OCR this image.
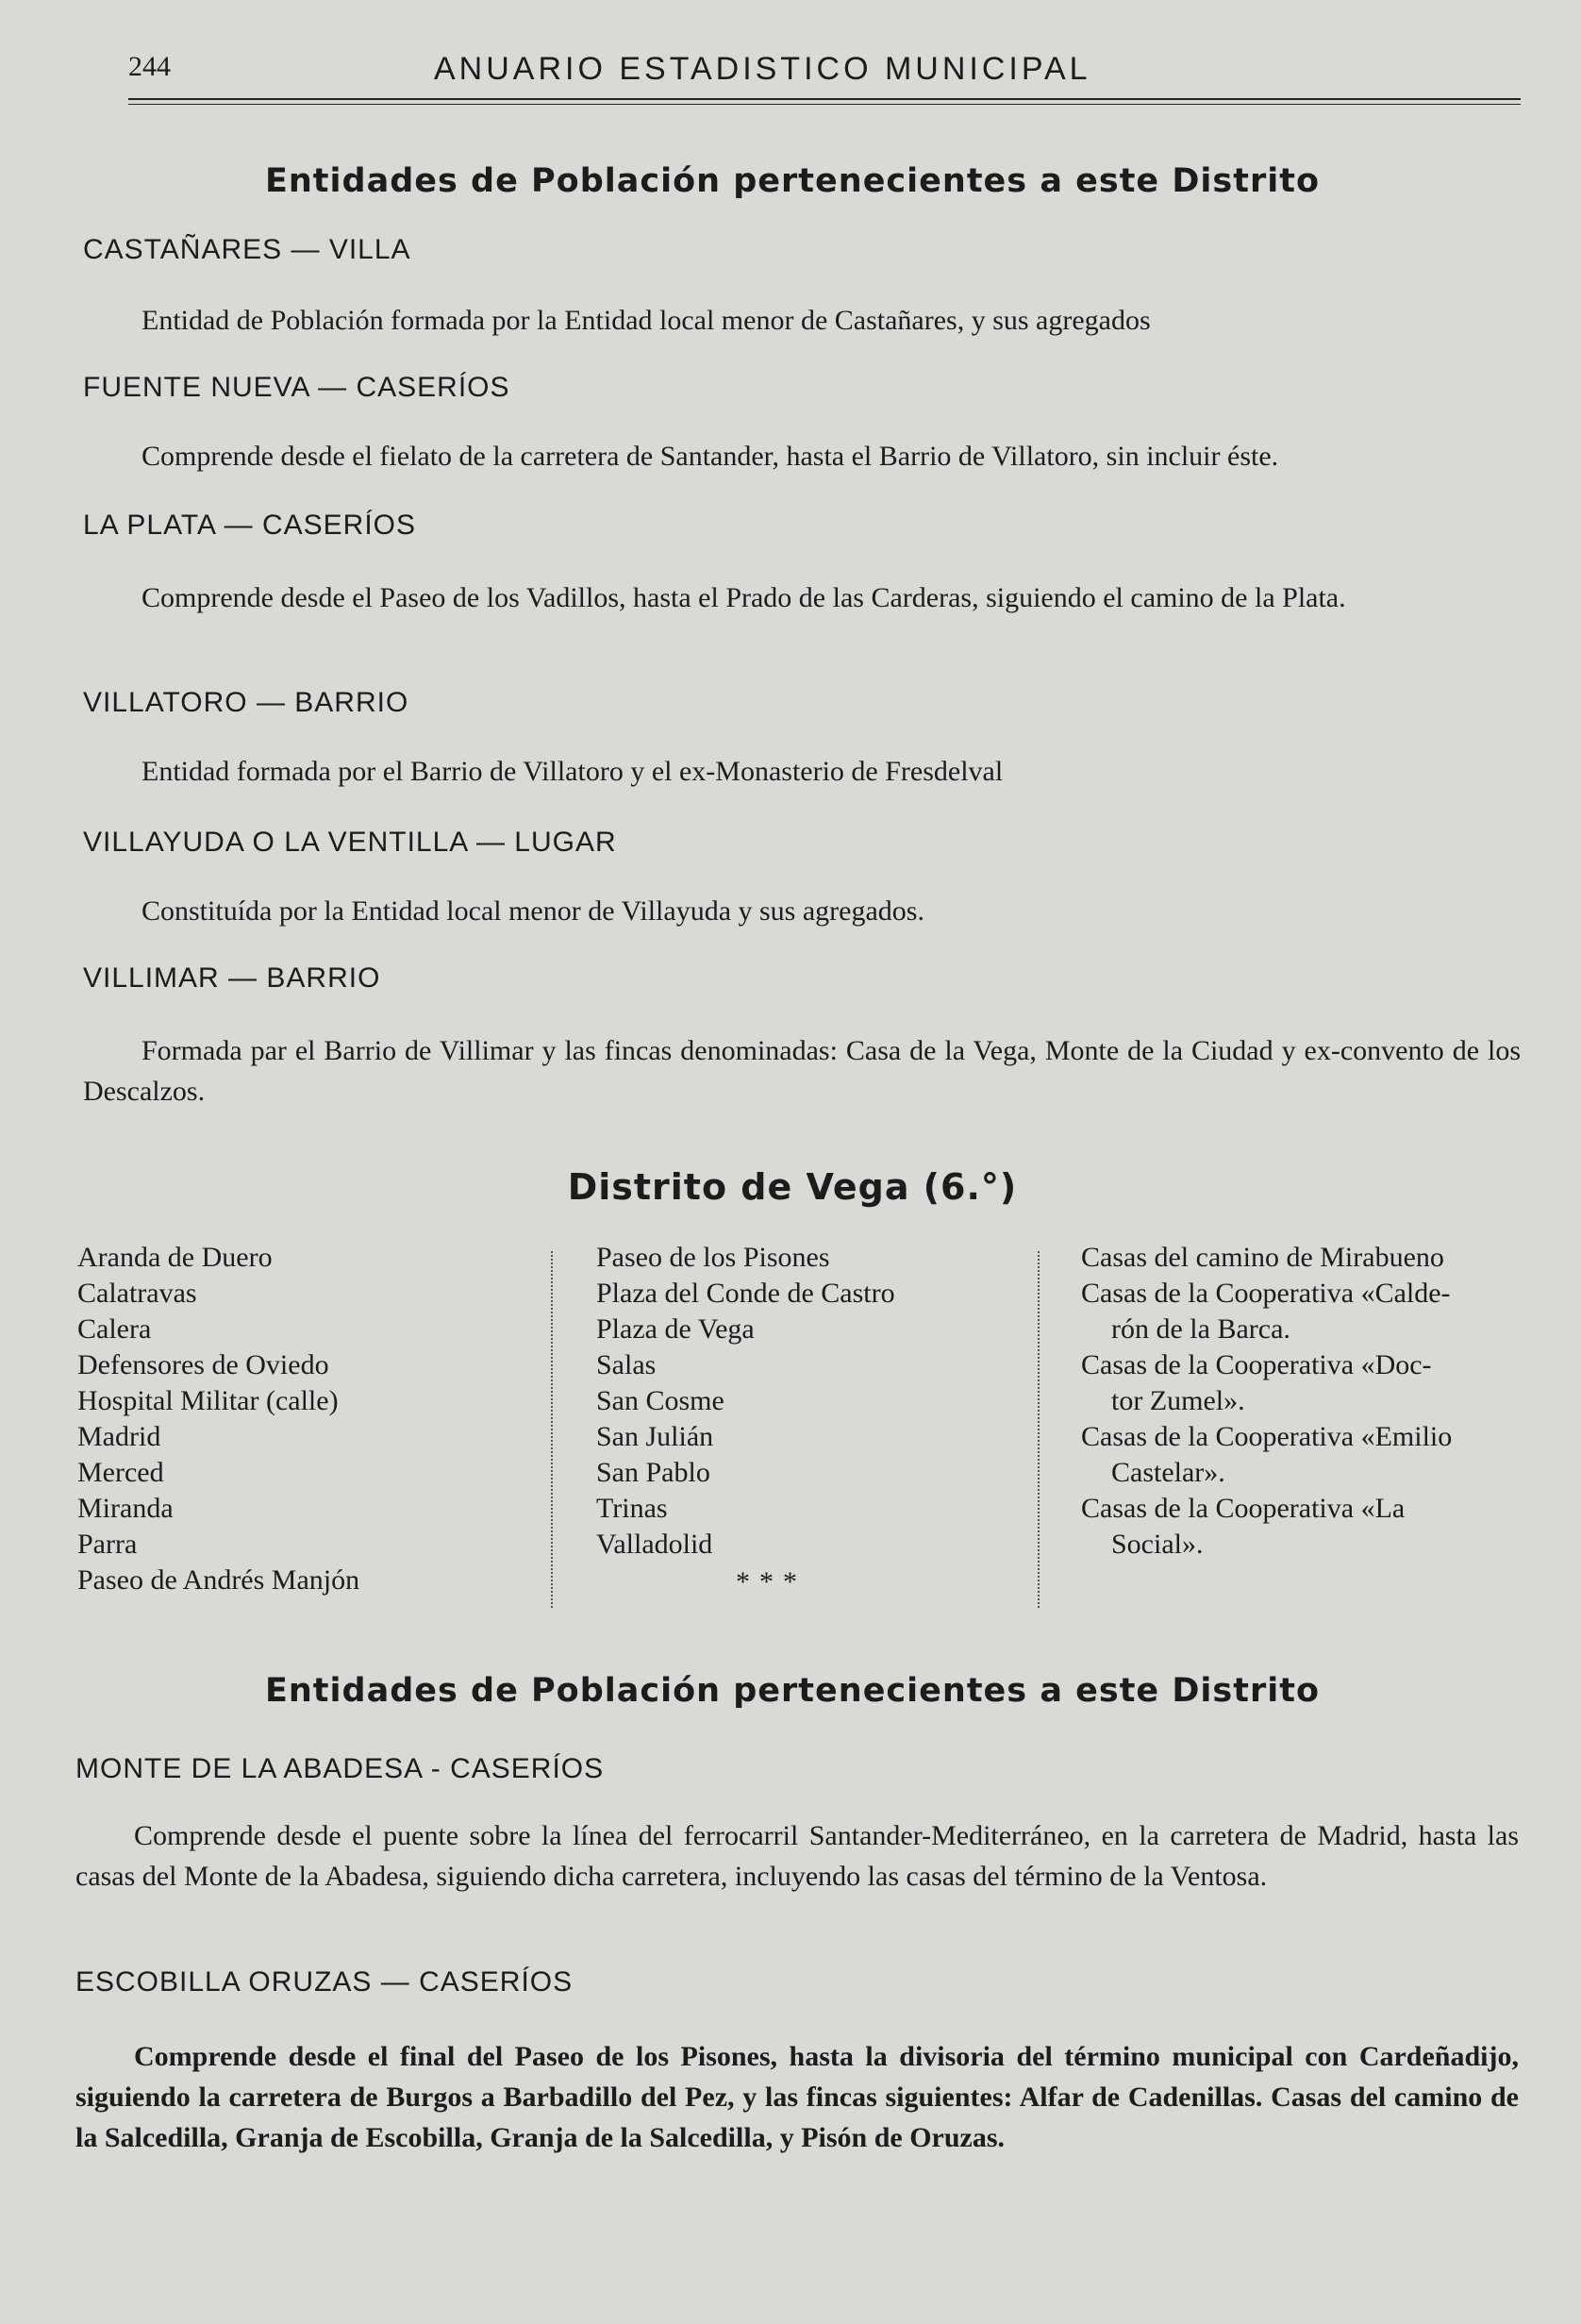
244	ANUARIO ESTADISTICO MUNICIPAL
Entidades de Población pertenecientes a este Distrito
CASTAÑARES — VILLA
Entidad de Población formada por la Entidad local menor de Castañares, y sus agregados
FUENTE NUEVA — CASERÍOS
Comprende desde el fielato de la carretera de Santander, hasta el Barrio de Villatoro, sin incluir éste.
LA PLATA — CASERÍOS
Comprende desde el Paseo de los Vadillos, hasta el Prado de las Carderas, siguiendo el camino de la Plata.
VILLATORO — BARRIO
Entidad formada por el Barrio de Villatoro y el ex-Monasterio de Fresdelval
VILLAYUDA O LA VENTILLA — LUGAR
Constituída por la Entidad local menor de Villayuda y sus agregados.
VILLIMAR — BARRIO
Formada par el Barrio de Villimar y las fincas denominadas: Casa de la Vega, Monte de la Ciudad y ex-convento de los Descalzos.
Distrito de Vega (6.°)
Aranda de Duero
Calatravas
Calera
Defensores de Oviedo
Hospital Militar (calle)
Madrid
Merced
Miranda
Parra
Paseo de Andrés Manjón
Paseo de los Pisones
Plaza del Conde de Castro
Plaza de Vega
Salas
San Cosme
San Julián
San Pablo
Trinas
Valladolid
Casas del camino de Mirabueno
Casas de la Cooperativa «Calde-
rón de la Barca.
Casas de la Cooperativa «Doc-
tor Zumel».
Casas de la Cooperativa «Emilio
Castelar».
Casas de la Cooperativa «La
Social».
* * *
Entidades de Población pertenecientes a este Distrito
MONTE DE LA ABADESA - CASERÍOS
Comprende desde el puente sobre la línea del ferrocarril Santander-Mediterráneo, en la carretera de Madrid, hasta las casas del Monte de la Abadesa, siguiendo dicha carretera, incluyendo las casas del término de la Ventosa.
ESCOBILLA ORUZAS — CASERÍOS
Comprende desde el final del Paseo de los Pisones, hasta la divisoria del término municipal con Cardeñadijo, siguiendo la carretera de Burgos a Barbadillo del Pez, y las fincas siguientes: Alfar de Cadenillas. Casas del camino de la Salcedilla, Granja de Escobilla, Granja de la Salcedilla, y Pisón de Oruzas.
